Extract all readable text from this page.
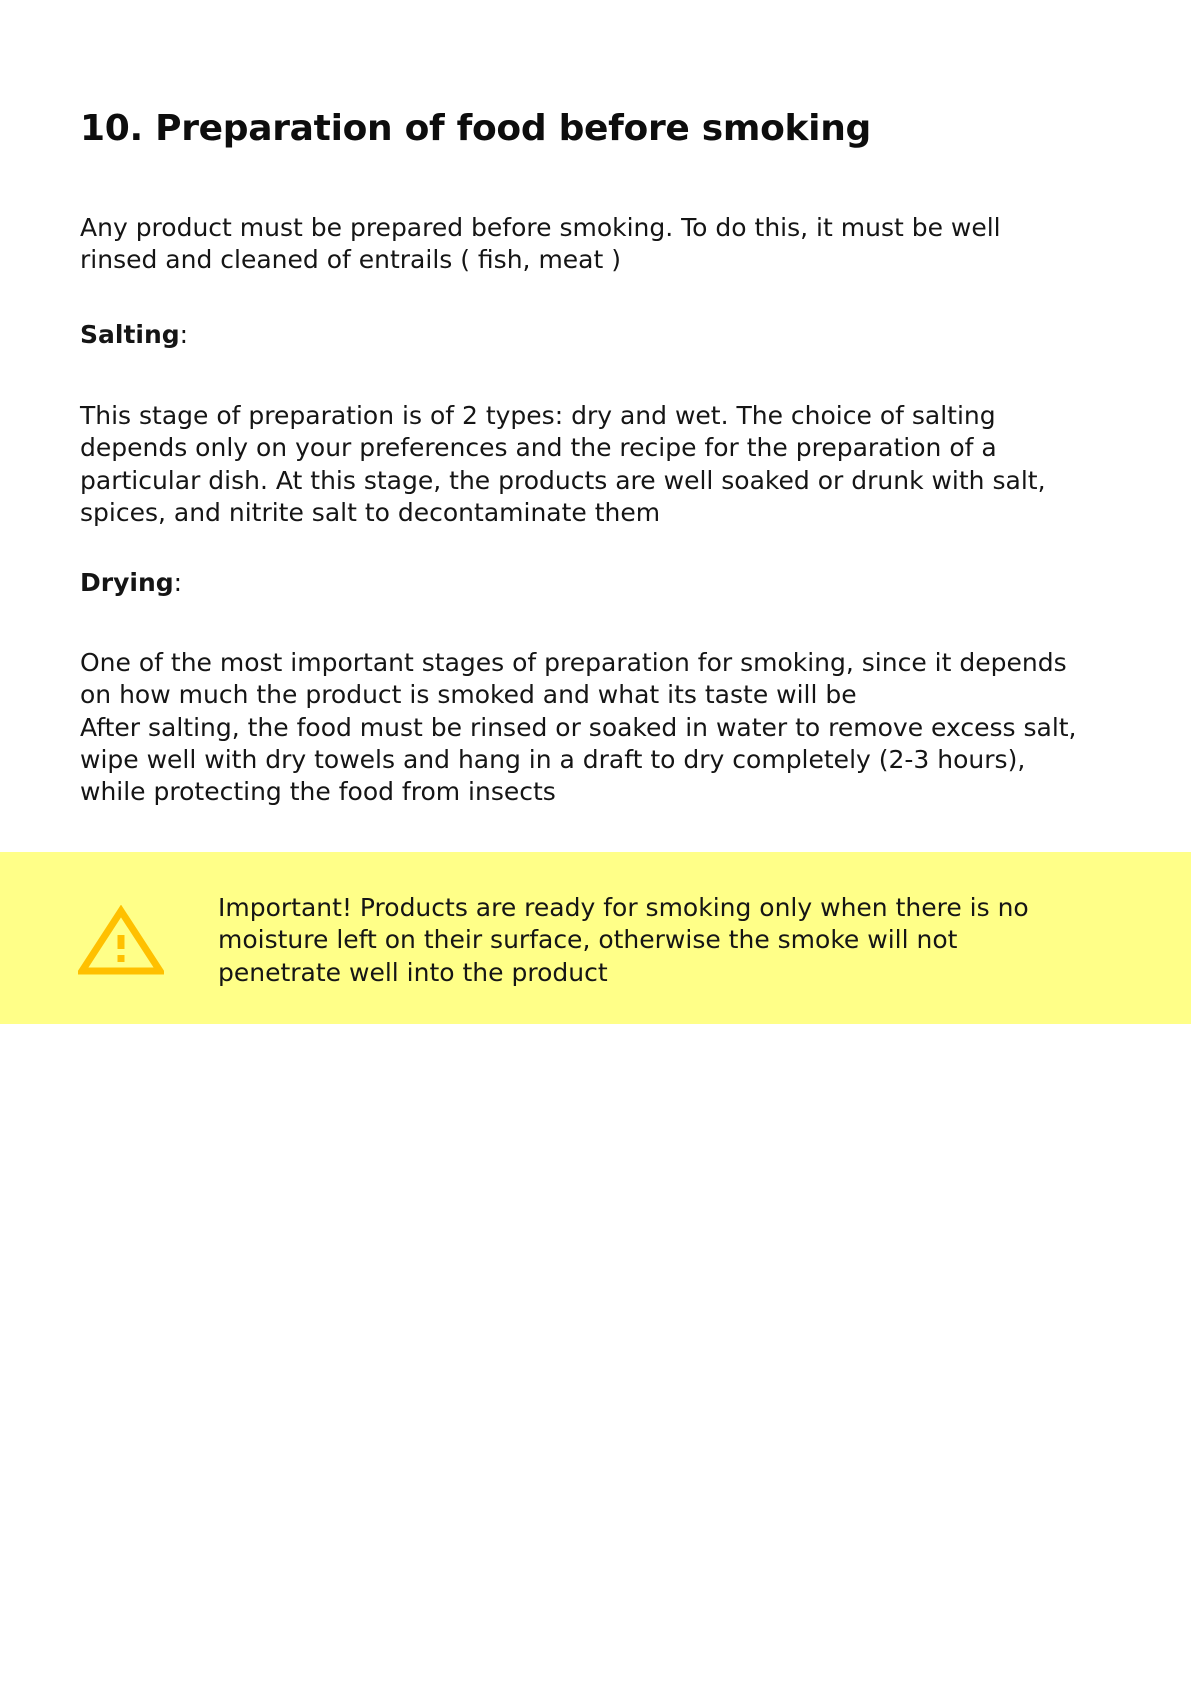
10. Preparation of food before smoking

Any product must be prepared before smoking. To do this, it must be well
rinsed and cleaned of entrails ( fish, meat )

Salting:

This stage of preparation is of 2 types: dry and wet. The choice of salting
depends only on your preferences and the recipe for the preparation of a
particular dish. At this stage, the products are well soaked or drunk with salt,
spices, and nitrite salt to decontaminate them

Drying:

One of the most important stages of preparation for smoking, since it depends
on how much the product is smoked and what its taste will be
After salting, the food must be rinsed or soaked in water to remove excess salt,
wipe well with dry towels and hang in a draft to dry completely (2-3 hours),
while protecting the food from insects

Important! Products are ready for smoking only when there is no
moisture left on their surface, otherwise the smoke will not
penetrate well into the product
